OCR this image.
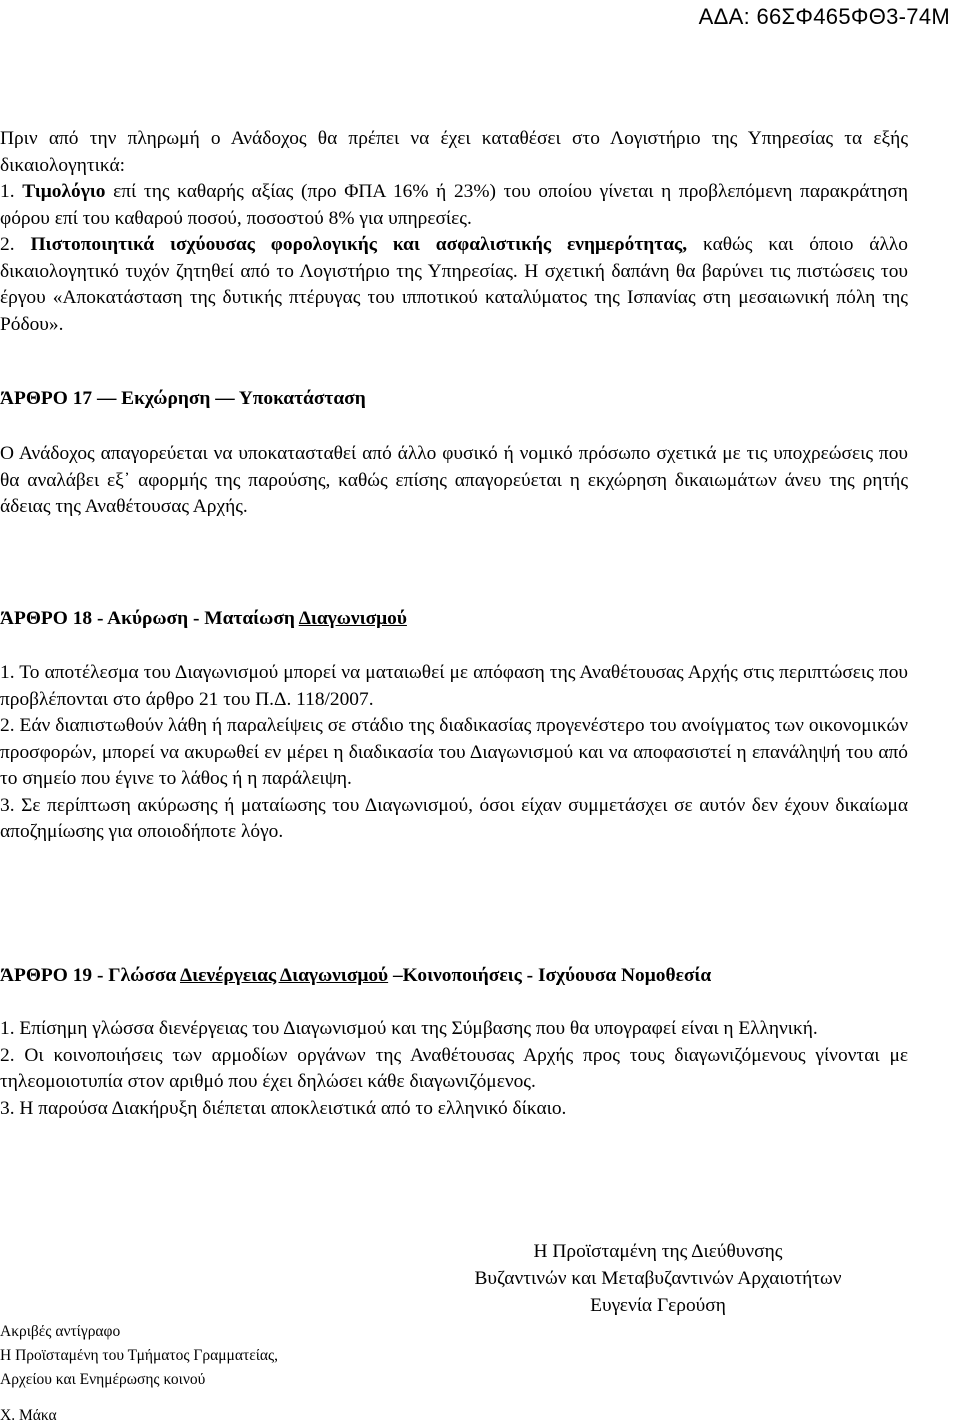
ΑΔΑ: 66ΣΦ465ΦΘ3-74Μ

Πριν από την πληρωμή ο Ανάδοχος θα πρέπει να έχει καταθέσει στο Λογιστήριο της Υπηρεσίας τα εξής δικαιολογητικά:
1. Τιμολόγιο επί της καθαρής αξίας (προ ΦΠΑ 16% ή 23%) του οποίου γίνεται η προβλεπόμενη παρακράτηση φόρου επί του καθαρού ποσού, ποσοστού 8% για υπηρεσίες.
2. Πιστοποιητικά ισχύουσας φορολογικής και ασφαλιστικής ενημερότητας, καθώς και όποιο άλλο δικαιολογητικό τυχόν ζητηθεί από το Λογιστήριο της Υπηρεσίας. Η σχετική δαπάνη θα βαρύνει τις πιστώσεις του έργου «Αποκατάσταση της δυτικής πτέρυγας του ιπποτικού καταλύματος της Ισπανίας στη μεσαιωνική πόλη της Ρόδου».

ΆΡΘΡΟ 17 — Εκχώρηση — Υποκατάσταση

Ο Ανάδοχος απαγορεύεται να υποκατασταθεί από άλλο φυσικό ή νομικό πρόσωπο σχετικά με τις υποχρεώσεις που θα αναλάβει εξ᾽ αφορμής της παρούσης, καθώς επίσης απαγορεύεται η εκχώρηση δικαιωμάτων άνευ της ρητής άδειας της Αναθέτουσας Αρχής.

ΆΡΘΡΟ 18 - Ακύρωση - Ματαίωση Διαγωνισμού

1. Το αποτέλεσμα του Διαγωνισμού μπορεί να ματαιωθεί με απόφαση της Αναθέτουσας Αρχής στις περιπτώσεις που προβλέπονται στο άρθρο 21 του Π.Δ. 118/2007.

2. Εάν διαπιστωθούν λάθη ή παραλείψεις σε στάδιο της διαδικασίας προγενέστερο του ανοίγματος των οικονομικών προσφορών, μπορεί να ακυρωθεί εν μέρει η διαδικασία του Διαγωνισμού και να αποφασιστεί η επανάληψή του από το σημείο που έγινε το λάθος ή η παράλειψη.

3. Σε περίπτωση ακύρωσης ή ματαίωσης του Διαγωνισμού, όσοι είχαν συμμετάσχει σε αυτόν δεν έχουν δικαίωμα αποζημίωσης για οποιοδήποτε λόγο.

ΆΡΘΡΟ 19 - Γλώσσα Διενέργειας Διαγωνισμού –Κοινοποιήσεις - Ισχύουσα Νομοθεσία

1. Επίσημη γλώσσα διενέργειας του Διαγωνισμού και της Σύμβασης που θα υπογραφεί είναι η Ελληνική.

2. Οι κοινοποιήσεις των αρμοδίων οργάνων της Αναθέτουσας Αρχής προς τους διαγωνιζόμενους γίνονται με τηλεομοιοτυπία στον αριθμό που έχει δηλώσει κάθε διαγωνιζόμενος.

3. Η παρούσα Διακήρυξη διέπεται αποκλειστικά από το ελληνικό δίκαιο.

Η Προϊσταμένη της Διεύθυνσης
Βυζαντινών και Μεταβυζαντινών Αρχαιοτήτων
Ευγενία Γερούση
Ακριβές αντίγραφο
Η Προϊσταμένη του Τμήματος Γραμματείας,
Αρχείου και Ενημέρωσης κοινού
Χ. Μάκα
